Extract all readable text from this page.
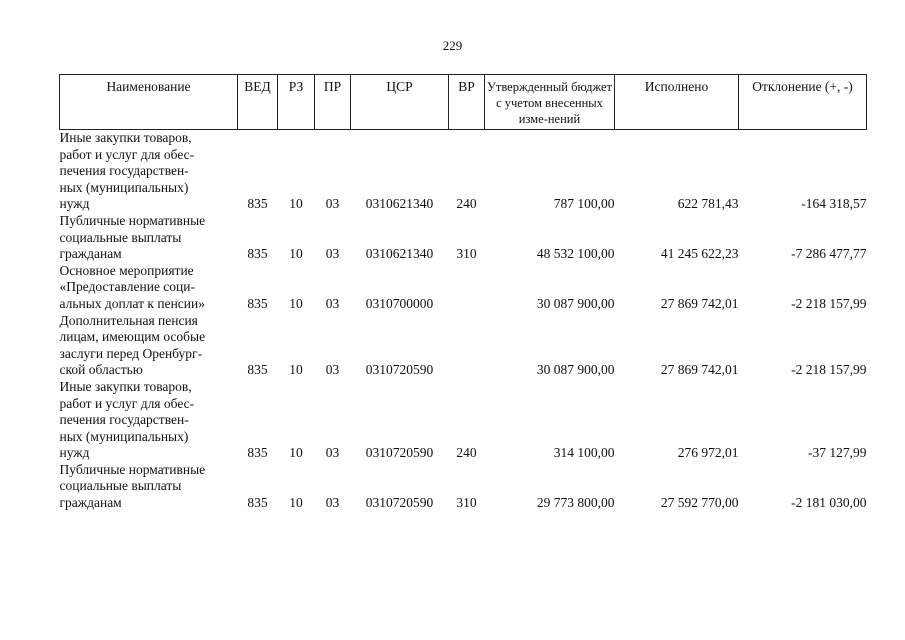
229
Наименование	ВЕД	РЗ	ПР	ЦСР	ВР	Утвержденный бюджет с учетом внесенных изме-нений	Исполнено	Отклонение (+, -)

Иные закупки товаров,
работ и услуг для обес-
печения государствен-
ных (муниципальных)
нужд	835	10	03	0310621340	240	787 100,00	622 781,43	-164 318,57

Публичные нормативные
социальные выплаты
гражданам	835	10	03	0310621340	310	48 532 100,00	41 245 622,23	-7 286 477,77

Основное мероприятие
«Предоставление соци-
альных доплат к пенсии»	835	10	03	0310700000		30 087 900,00	27 869 742,01	-2 218 157,99

Дополнительная пенсия
лицам, имеющим особые
заслуги перед Оренбург-
ской областью	835	10	03	0310720590		30 087 900,00	27 869 742,01	-2 218 157,99

Иные закупки товаров,
работ и услуг для обес-
печения государствен-
ных (муниципальных)
нужд	835	10	03	0310720590	240	314 100,00	276 972,01	-37 127,99

Публичные нормативные
социальные выплаты
гражданам	835	10	03	0310720590	310	29 773 800,00	27 592 770,00	-2 181 030,00
